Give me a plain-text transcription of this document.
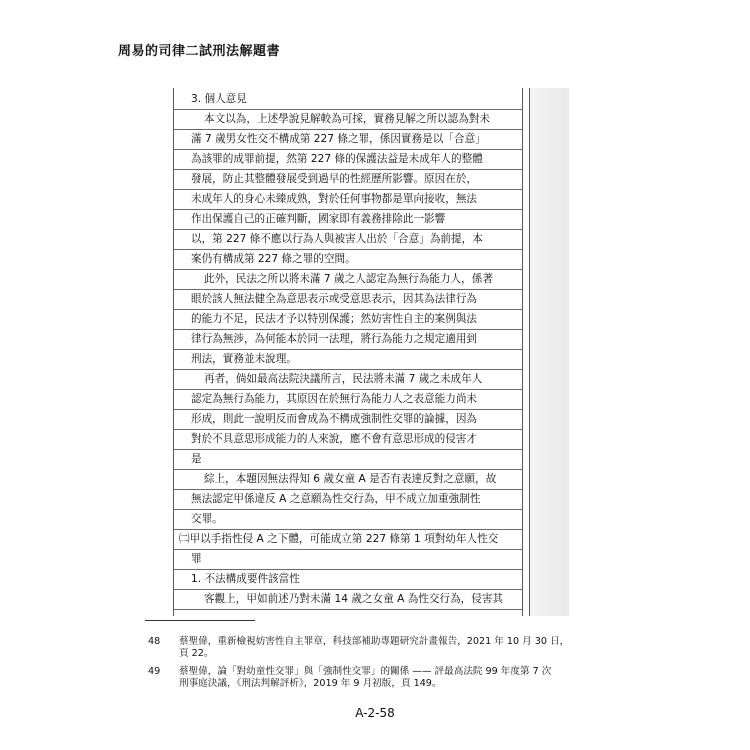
周易的司律二試刑法解題書
3. 個人意見
本文以為，上述學說見解較為可採，實務見解之所以認為對未
滿 7 歲男女性交不構成第 227 條之罪，係因實務是以「合意」
為該罪的成罪前提，然第 227 條的保護法益是未成年人的整體
發展，防止其整體發展受到過早的性經歷所影響。原因在於，
未成年人的身心未臻成熟，對於任何事物都是單向接收，無法
作出保護自己的正確判斷，國家即有義務排除此一影響
以，第 227 條不應以行為人與被害人出於「合意」為前提，本
案仍有構成第 227 條之罪的空間。
此外，民法之所以將未滿 7 歲之人認定為無行為能力人，係著
眼於該人無法健全為意思表示或受意思表示，因其為法律行為
的能力不足，民法才予以特別保護；然妨害性自主的案例與法
律行為無涉，為何能本於同一法理，將行為能力之規定適用到
刑法，實務並未說理。
再者，倘如最高法院決議所言，民法將未滿 7 歲之未成年人
認定為無行為能力，其原因在於無行為能力人之表意能力尚未
形成，則此一說明反而會成為不構成強制性交罪的論據，因為
對於不具意思形成能力的人來說，應不會有意思形成的侵害才
是
綜上，本題因無法得知 6 歲女童 A 是否有表達反對之意願，故
無法認定甲係違反 A 之意願為性交行為，甲不成立加重強制性
交罪。
㈡甲以手指性侵 A 之下體，可能成立第 227 條第 1 項對幼年人性交
罪
1. 不法構成要件該當性
客觀上，甲如前述乃對未滿 14 歲之女童 A 為性交行為，侵害其
48 蔡聖偉，重新檢視妨害性自主罪章，科技部補助專題研究計畫報告，2021 年 10 月 30 日，
頁 22。
49 蔡聖偉，論「對幼童性交罪」與「強制性交罪」的關係 —— 評最高法院 99 年度第 7 次
刑事庭決議，《刑法判解評析》，2019 年 9 月初版，頁 149。
A-2-58
